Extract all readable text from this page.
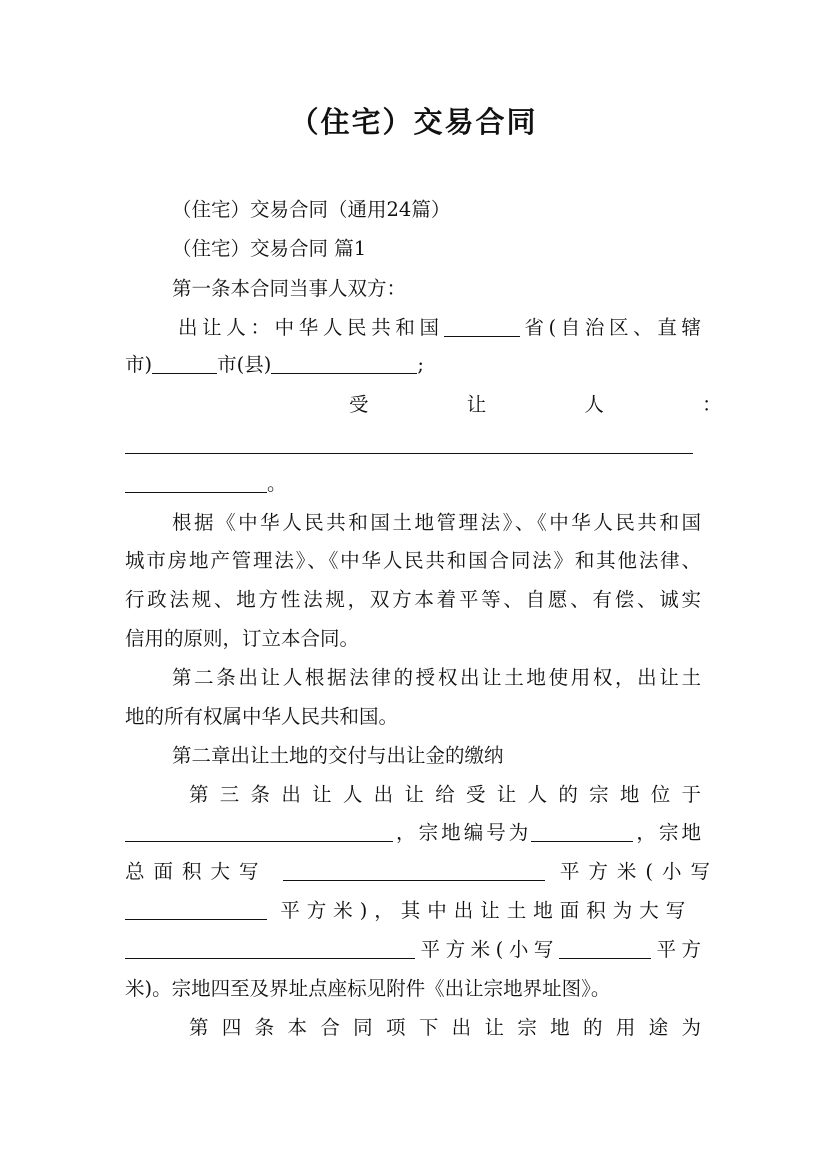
（住宅）交易合同
（住宅）交易合同（通用24篇）
（住宅）交易合同 篇1
第一条本合同当事人双方：
出让人：中华人民共和国	省(自治区、直辖
市)	市(县)	;
受 让 人 ：
。
根据《中华人民共和国土地管理法》、《中华人民共和国
城市房地产管理法》、《中华人民共和国合同法》和其他法律、
行政法规、地方性法规，双方本着平等、自愿、有偿、诚实
信用的原则，订立本合同。
第二条出让人根据法律的授权出让土地使用权，出让土
地的所有权属中华人民共和国。
第二章出让土地的交付与出让金的缴纳
第三条出让人出让给受让人的宗地位于
，宗地编号为	，宗地
总面积大写	平方米(小写
平方米)，其中出让土地面积为大写
平方米(小写	平方
米)。宗地四至及界址点座标见附件《出让宗地界址图》。
第四条本合同项下出让宗地的用途为
